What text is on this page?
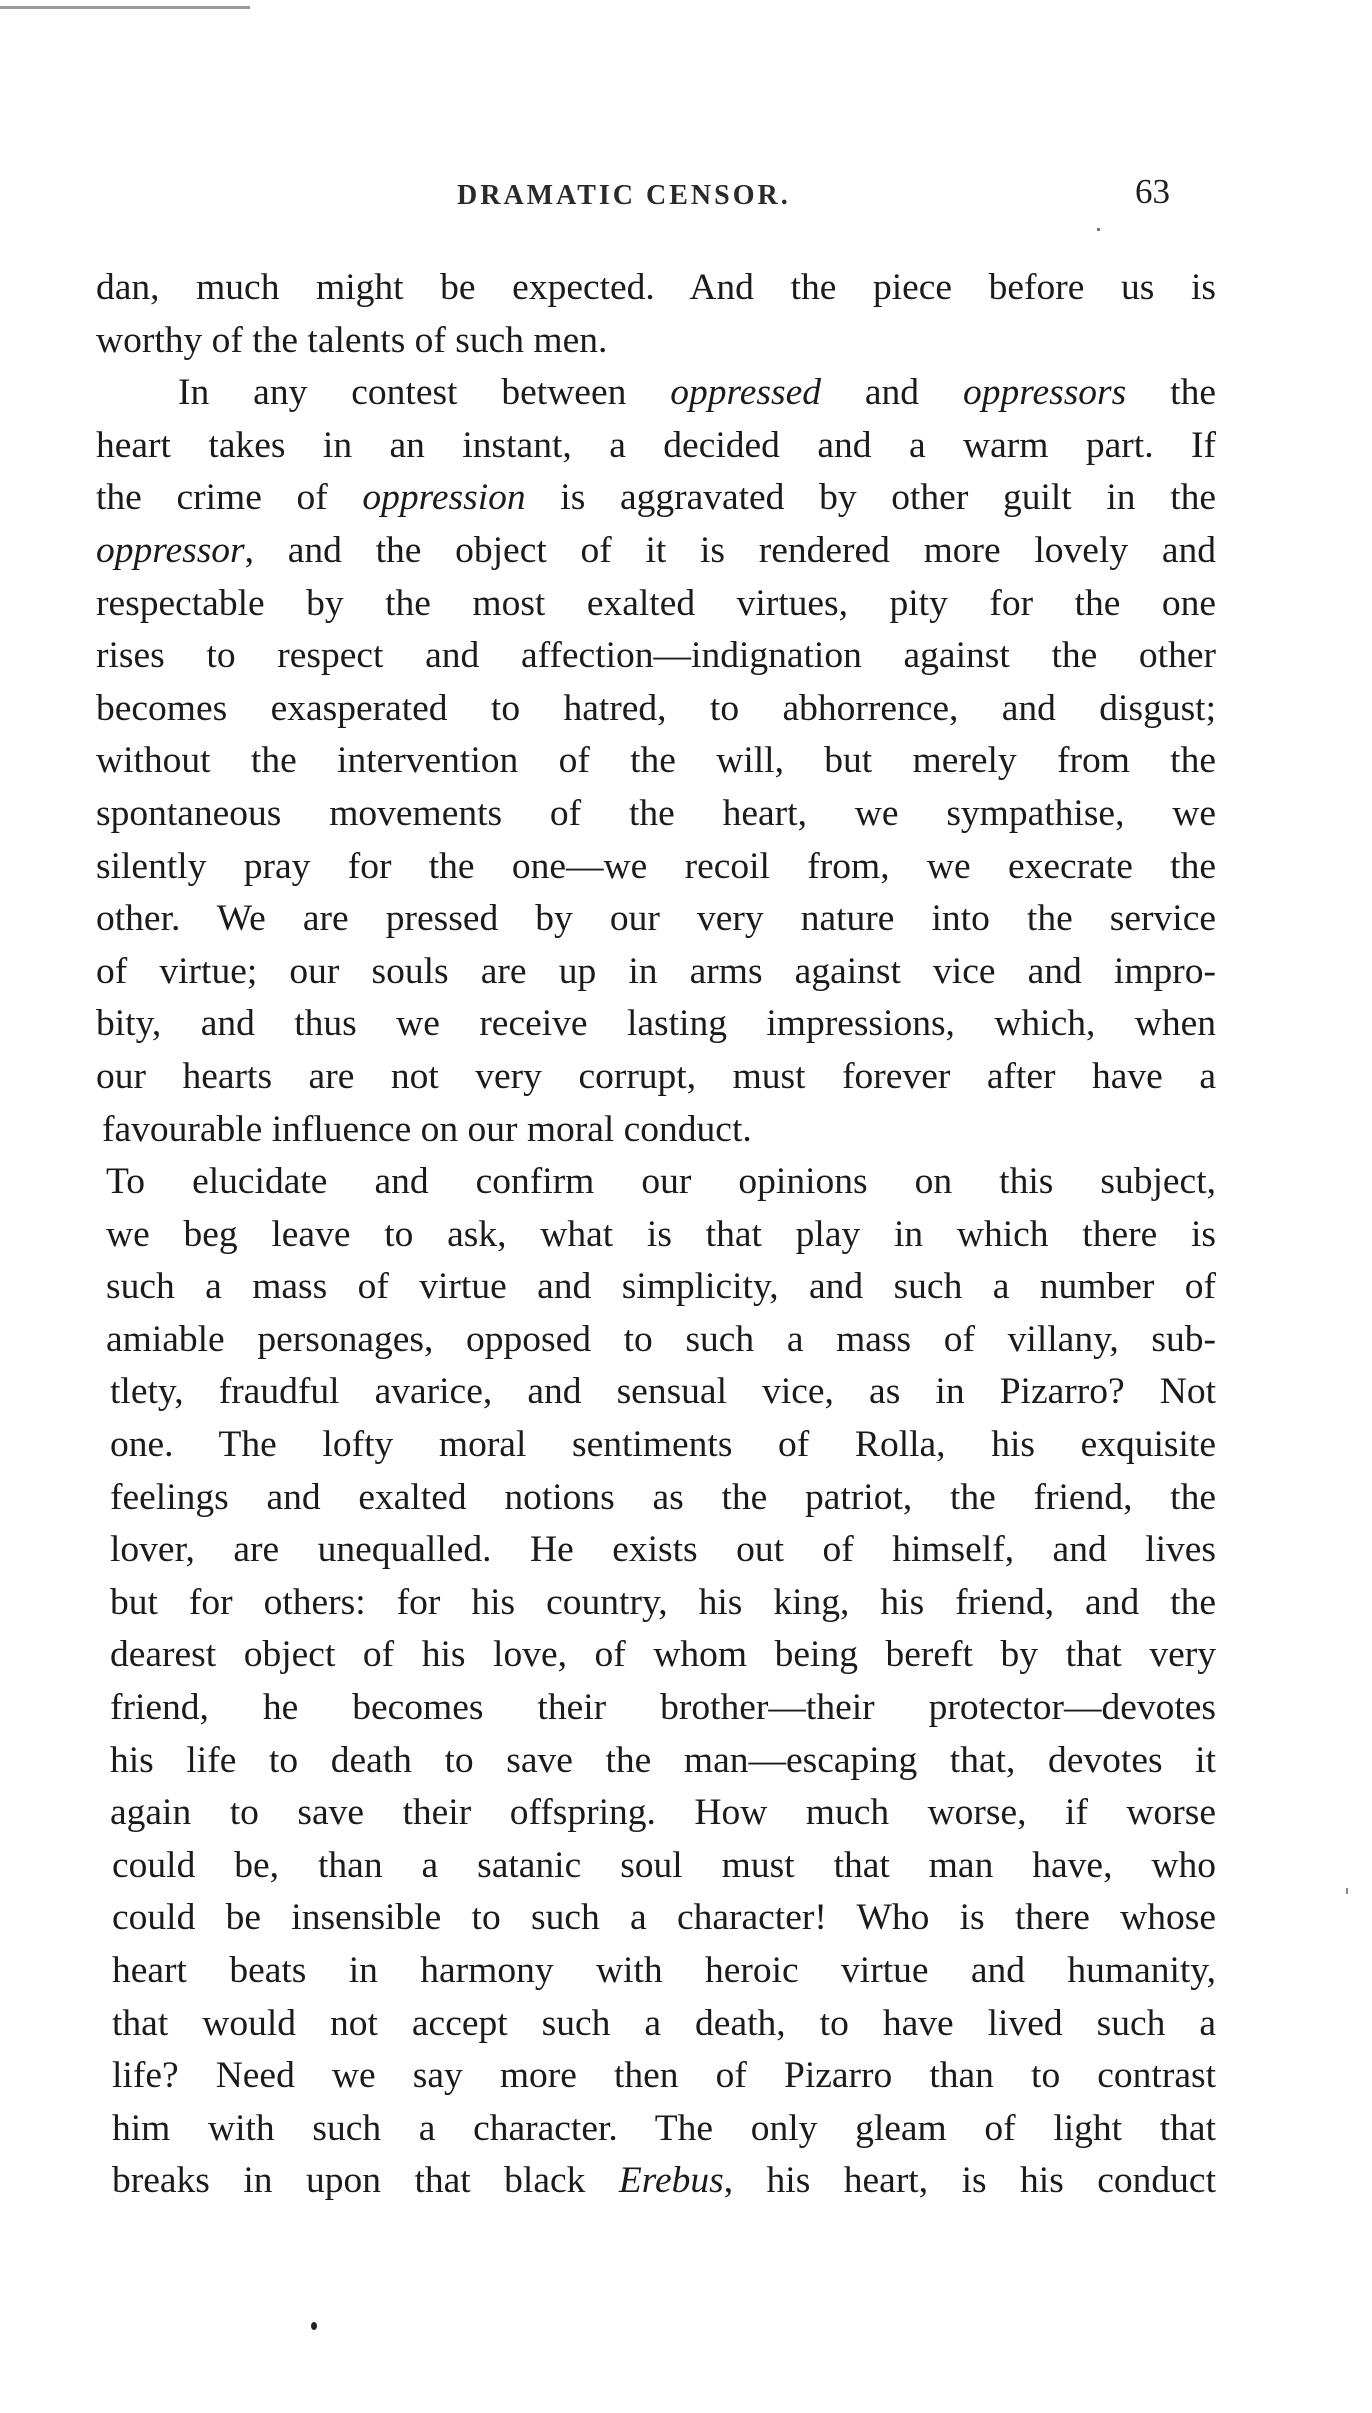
DRAMATIC CENSOR.	63
dan, much might be expected. And the piece before us is
worthy of the talents of such men.
In any contest between oppressed and oppressors the
heart takes in an instant, a decided and a warm part. If
the crime of oppression is aggravated by other guilt in the
oppressor, and the object of it is rendered more lovely and
respectable by the most exalted virtues, pity for the one
rises to respect and affection—indignation against the other
becomes exasperated to hatred, to abhorrence, and disgust;
without the intervention of the will, but merely from the
spontaneous movements of the heart, we sympathise, we
silently pray for the one—we recoil from, we execrate the
other. We are pressed by our very nature into the service
of virtue; our souls are up in arms against vice and impro-
bity, and thus we receive lasting impressions, which, when
our hearts are not very corrupt, must forever after have a
favourable influence on our moral conduct.
To elucidate and confirm our opinions on this subject,
we beg leave to ask, what is that play in which there is
such a mass of virtue and simplicity, and such a number of
amiable personages, opposed to such a mass of villany, sub-
tlety, fraudful avarice, and sensual vice, as in Pizarro? Not
one. The lofty moral sentiments of Rolla, his exquisite
feelings and exalted notions as the patriot, the friend, the
lover, are unequalled. He exists out of himself, and lives
but for others: for his country, his king, his friend, and the
dearest object of his love, of whom being bereft by that very
friend, he becomes their brother—their protector—devotes
his life to death to save the man—escaping that, devotes it
again to save their offspring. How much worse, if worse
could be, than a satanic soul must that man have, who
could be insensible to such a character! Who is there whose
heart beats in harmony with heroic virtue and humanity,
that would not accept such a death, to have lived such a
life? Need we say more then of Pizarro than to contrast
him with such a character. The only gleam of light that
breaks in upon that black Erebus, his heart, is his conduct
